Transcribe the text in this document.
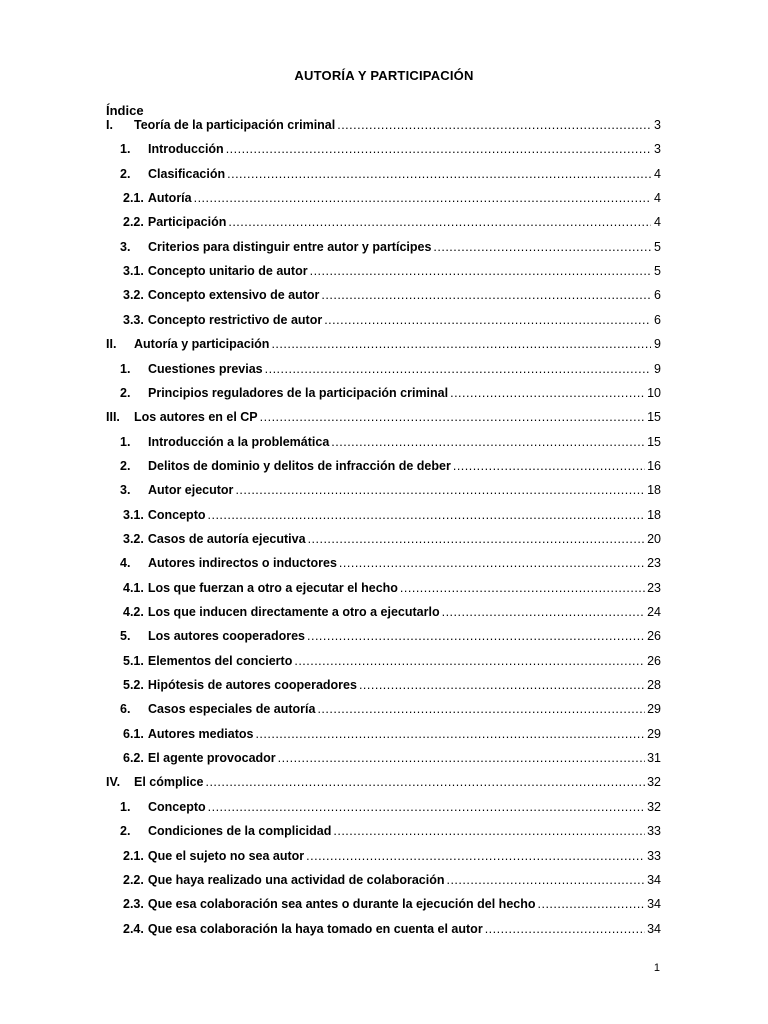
AUTORÍA Y PARTICIPACIÓN
Índice
I.	Teoría de la participación criminal .....	3
1.	Introducción .....	3
2.	Clasificación .....	4
2.1. Autoría .....	4
2.2. Participación .....	4
3.	Criterios para distinguir entre autor y partícipes .....	5
3.1. Concepto unitario de autor .....	5
3.2. Concepto extensivo de autor .....	6
3.3. Concepto restrictivo de autor .....	6
II.	Autoría y participación .....	9
1.	Cuestiones previas .....	9
2.	Principios reguladores de la participación criminal .....	10
III.	Los autores en el CP .....	15
1.	Introducción a la problemática .....	15
2.	Delitos de dominio y delitos de infracción de deber .....	16
3.	Autor ejecutor .....	18
3.1. Concepto .....	18
3.2. Casos de autoría ejecutiva .....	20
4.	Autores indirectos o inductores .....	23
4.1. Los que fuerzan a otro a ejecutar el hecho .....	23
4.2. Los que inducen directamente a otro a ejecutarlo .....	24
5.	Los autores cooperadores .....	26
5.1. Elementos del concierto .....	26
5.2. Hipótesis de autores cooperadores .....	28
6.	Casos especiales de autoría .....	29
6.1. Autores mediatos .....	29
6.2. El agente provocador .....	31
IV.	El cómplice .....	32
1.	Concepto .....	32
2.	Condiciones de la complicidad .....	33
2.1. Que el sujeto no sea autor .....	33
2.2. Que haya realizado una actividad de colaboración .....	34
2.3. Que esa colaboración sea antes o durante la ejecución del hecho .....	34
2.4. Que esa colaboración la haya tomado en cuenta el autor .....	34
1
